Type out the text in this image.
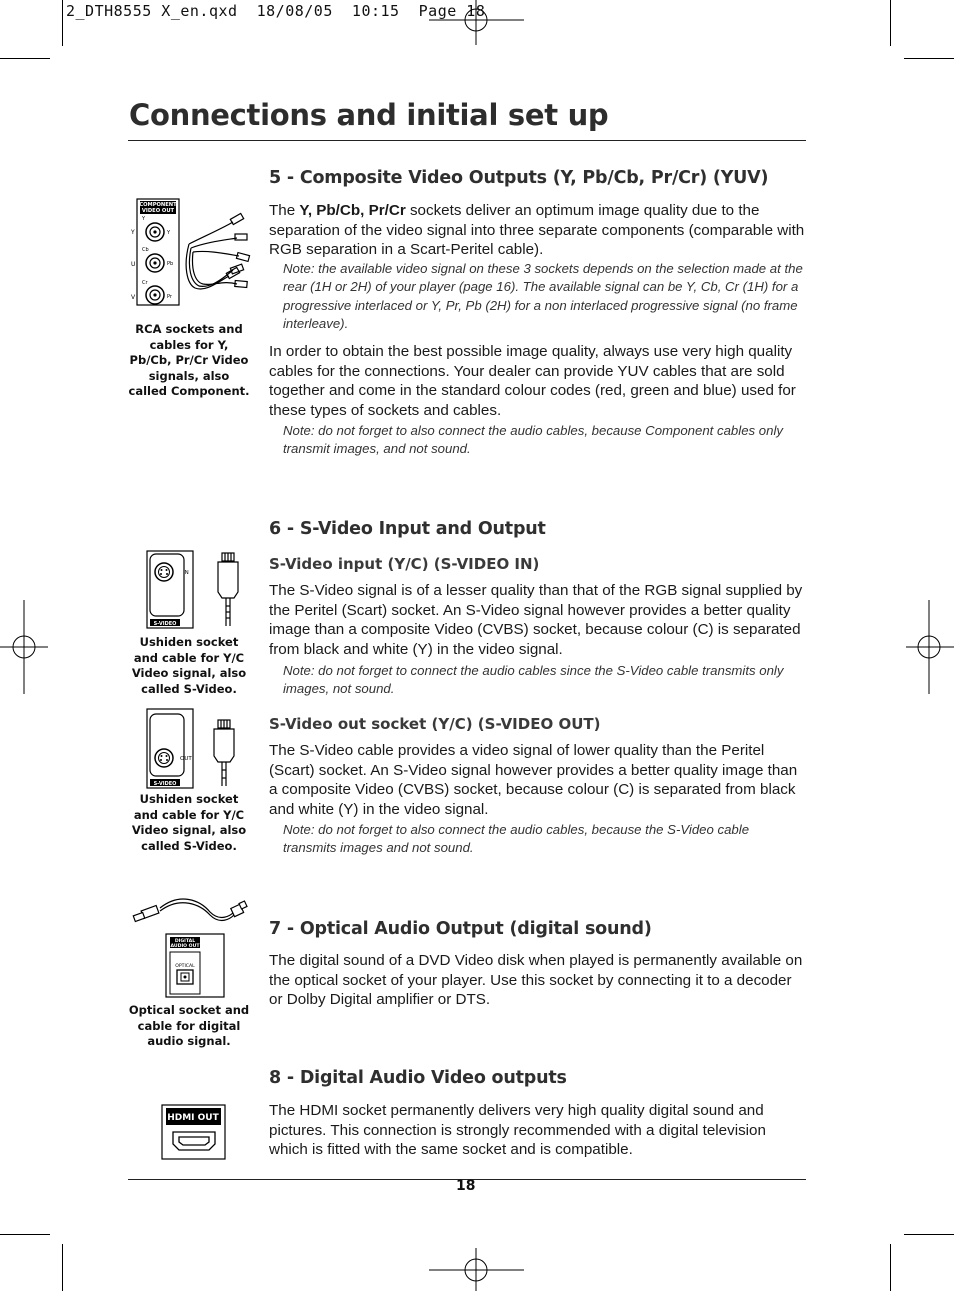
2_DTH8555 X_en.qxd  18/08/05  10:15  Page 18
Connections and initial set up
5 - Composite Video Outputs (Y, Pb/Cb, Pr/Cr) (YUV)
COMPONENT
VIDEO OUT
Y
U
V
Y
Cb
Cr
Y
Pb
Pr
RCA sockets and cables for Y, Pb/Cb, Pr/Cr Video signals, also called Component.

The Y, Pb/Cb, Pr/Cr sockets deliver an optimum image quality due to the separation of the video signal into three separate components (comparable with RGB separation in a Scart-Peritel cable).

Note: the available video signal on these 3 sockets depends on the selection made at the rear (1H or 2H) of your player (page 16). The available signal can be Y, Cb, Cr (1H) for a progressive interlaced or Y, Pr, Pb (2H) for a non interlaced progressive signal (no frame interleave).

In order to obtain the best possible image quality, always use very high quality cables for the connections. Your dealer can provide YUV cables that are sold together and come in the standard colour codes (red, green and blue) used for these types of sockets and cables.

Note: do not forget to also connect the audio cables, because Component cables only transmit images, and not sound.

6 - S-Video Input and Output
S-Video input (Y/C) (S-VIDEO IN)

The S-Video signal is of a lesser quality than that of the RGB signal supplied by the Peritel (Scart) socket. An S-Video signal however provides a better quality image than a composite Video (CVBS) socket, because colour (C) is separated from black and white (Y) in the video signal.

Note: do not forget to connect the audio cables since the S-Video cable transmits only images, not sound.

S-Video out socket (Y/C) (S-VIDEO OUT)

The S-Video cable provides a video signal of lower quality than the Peritel (Scart) socket. An S-Video signal however provides a better quality image than a composite Video (CVBS) socket, because colour (C) is separated from black and white (Y) in the video signal.

Note: do not forget to also connect the audio cables, because the S-Video cable transmits images and not sound.

IN
S-VIDEO
Ushiden socket and cable for Y/C Video signal, also called S-Video.
OUT
S-VIDEO
Ushiden socket and cable for Y/C Video signal, also called S-Video.
7 - Optical Audio Output (digital sound)

The digital sound of a DVD Video disk when played is permanently available on the optical socket of your player. Use this socket by connecting it to a decoder or Dolby Digital amplifier or DTS.

DIGITAL
AUDIO OUT
OPTICAL
Optical socket and cable for digital audio signal.
8 - Digital Audio Video outputs

The HDMI socket permanently delivers very high quality digital sound and pictures. This connection is strongly recommended with a digital television which is fitted with the same socket and is compatible.

HDMI OUT
18
